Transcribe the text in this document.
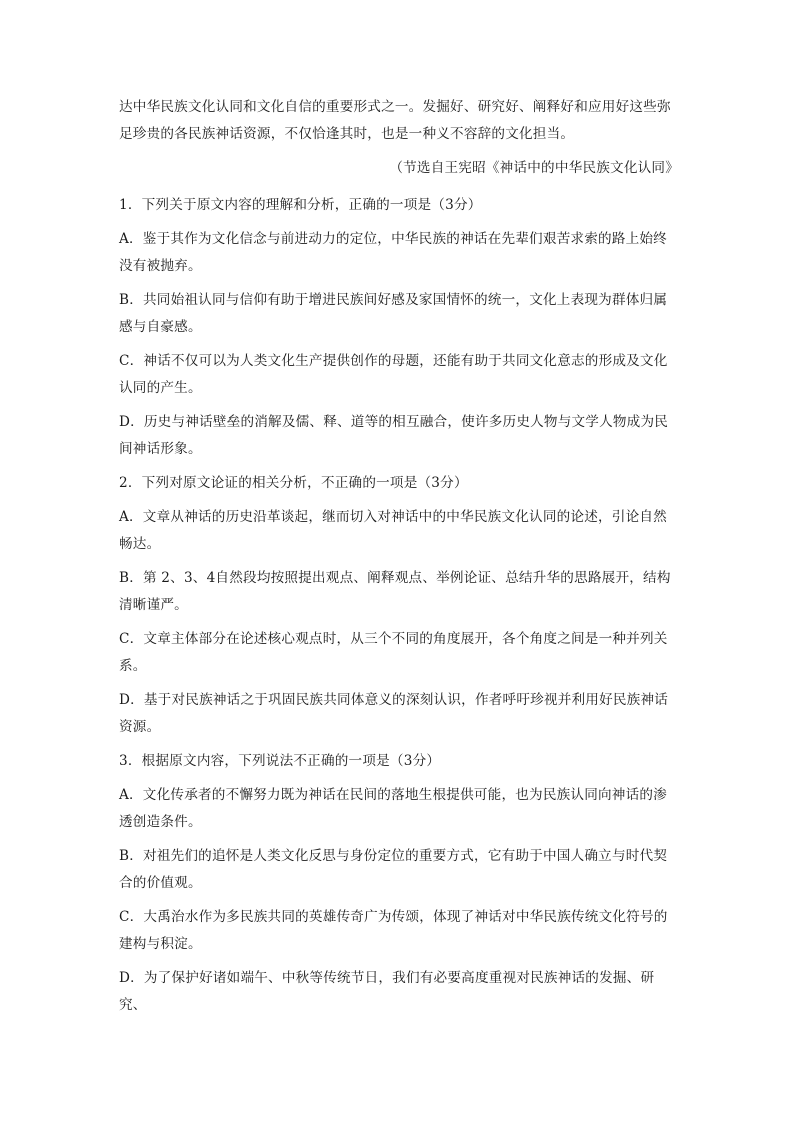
达中华民族文化认同和文化自信的重要形式之一。发掘好、研究好、阐释好和应用好这些弥足珍贵的各民族神话资源，不仅恰逢其时，也是一种义不容辞的文化担当。

（节选自王宪昭《神话中的中华民族文化认同》

1．下列关于原文内容的理解和分析，正确的一项是（3分）

A．鉴于其作为文化信念与前进动力的定位，中华民族的神话在先辈们艰苦求索的路上始终没有被抛弃。

B．共同始祖认同与信仰有助于增进民族间好感及家国情怀的统一，文化上表现为群体归属感与自豪感。

C．神话不仅可以为人类文化生产提供创作的母题，还能有助于共同文化意志的形成及文化认同的产生。

D．历史与神话壁垒的消解及儒、释、道等的相互融合，使许多历史人物与文学人物成为民间神话形象。

2．下列对原文论证的相关分析，不正确的一项是（3分）

A．文章从神话的历史沿革谈起，继而切入对神话中的中华民族文化认同的论述，引论自然畅达。

B．第 2、3、4自然段均按照提出观点、阐释观点、举例论证、总结升华的思路展开，结构清晰谨严。

C．文章主体部分在论述核心观点时，从三个不同的角度展开，各个角度之间是一种并列关系。

D．基于对民族神话之于巩固民族共同体意义的深刻认识，作者呼吁珍视并利用好民族神话资源。

3．根据原文内容，下列说法不正确的一项是（3分）

A．文化传承者的不懈努力既为神话在民间的落地生根提供可能，也为民族认同向神话的渗透创造条件。

B．对祖先们的追怀是人类文化反思与身份定位的重要方式，它有助于中国人确立与时代契合的价值观。

C．大禹治水作为多民族共同的英雄传奇广为传颂，体现了神话对中华民族传统文化符号的建构与积淀。

D．为了保护好诸如端午、中秋等传统节日，我们有必要高度重视对民族神话的发掘、研究、
